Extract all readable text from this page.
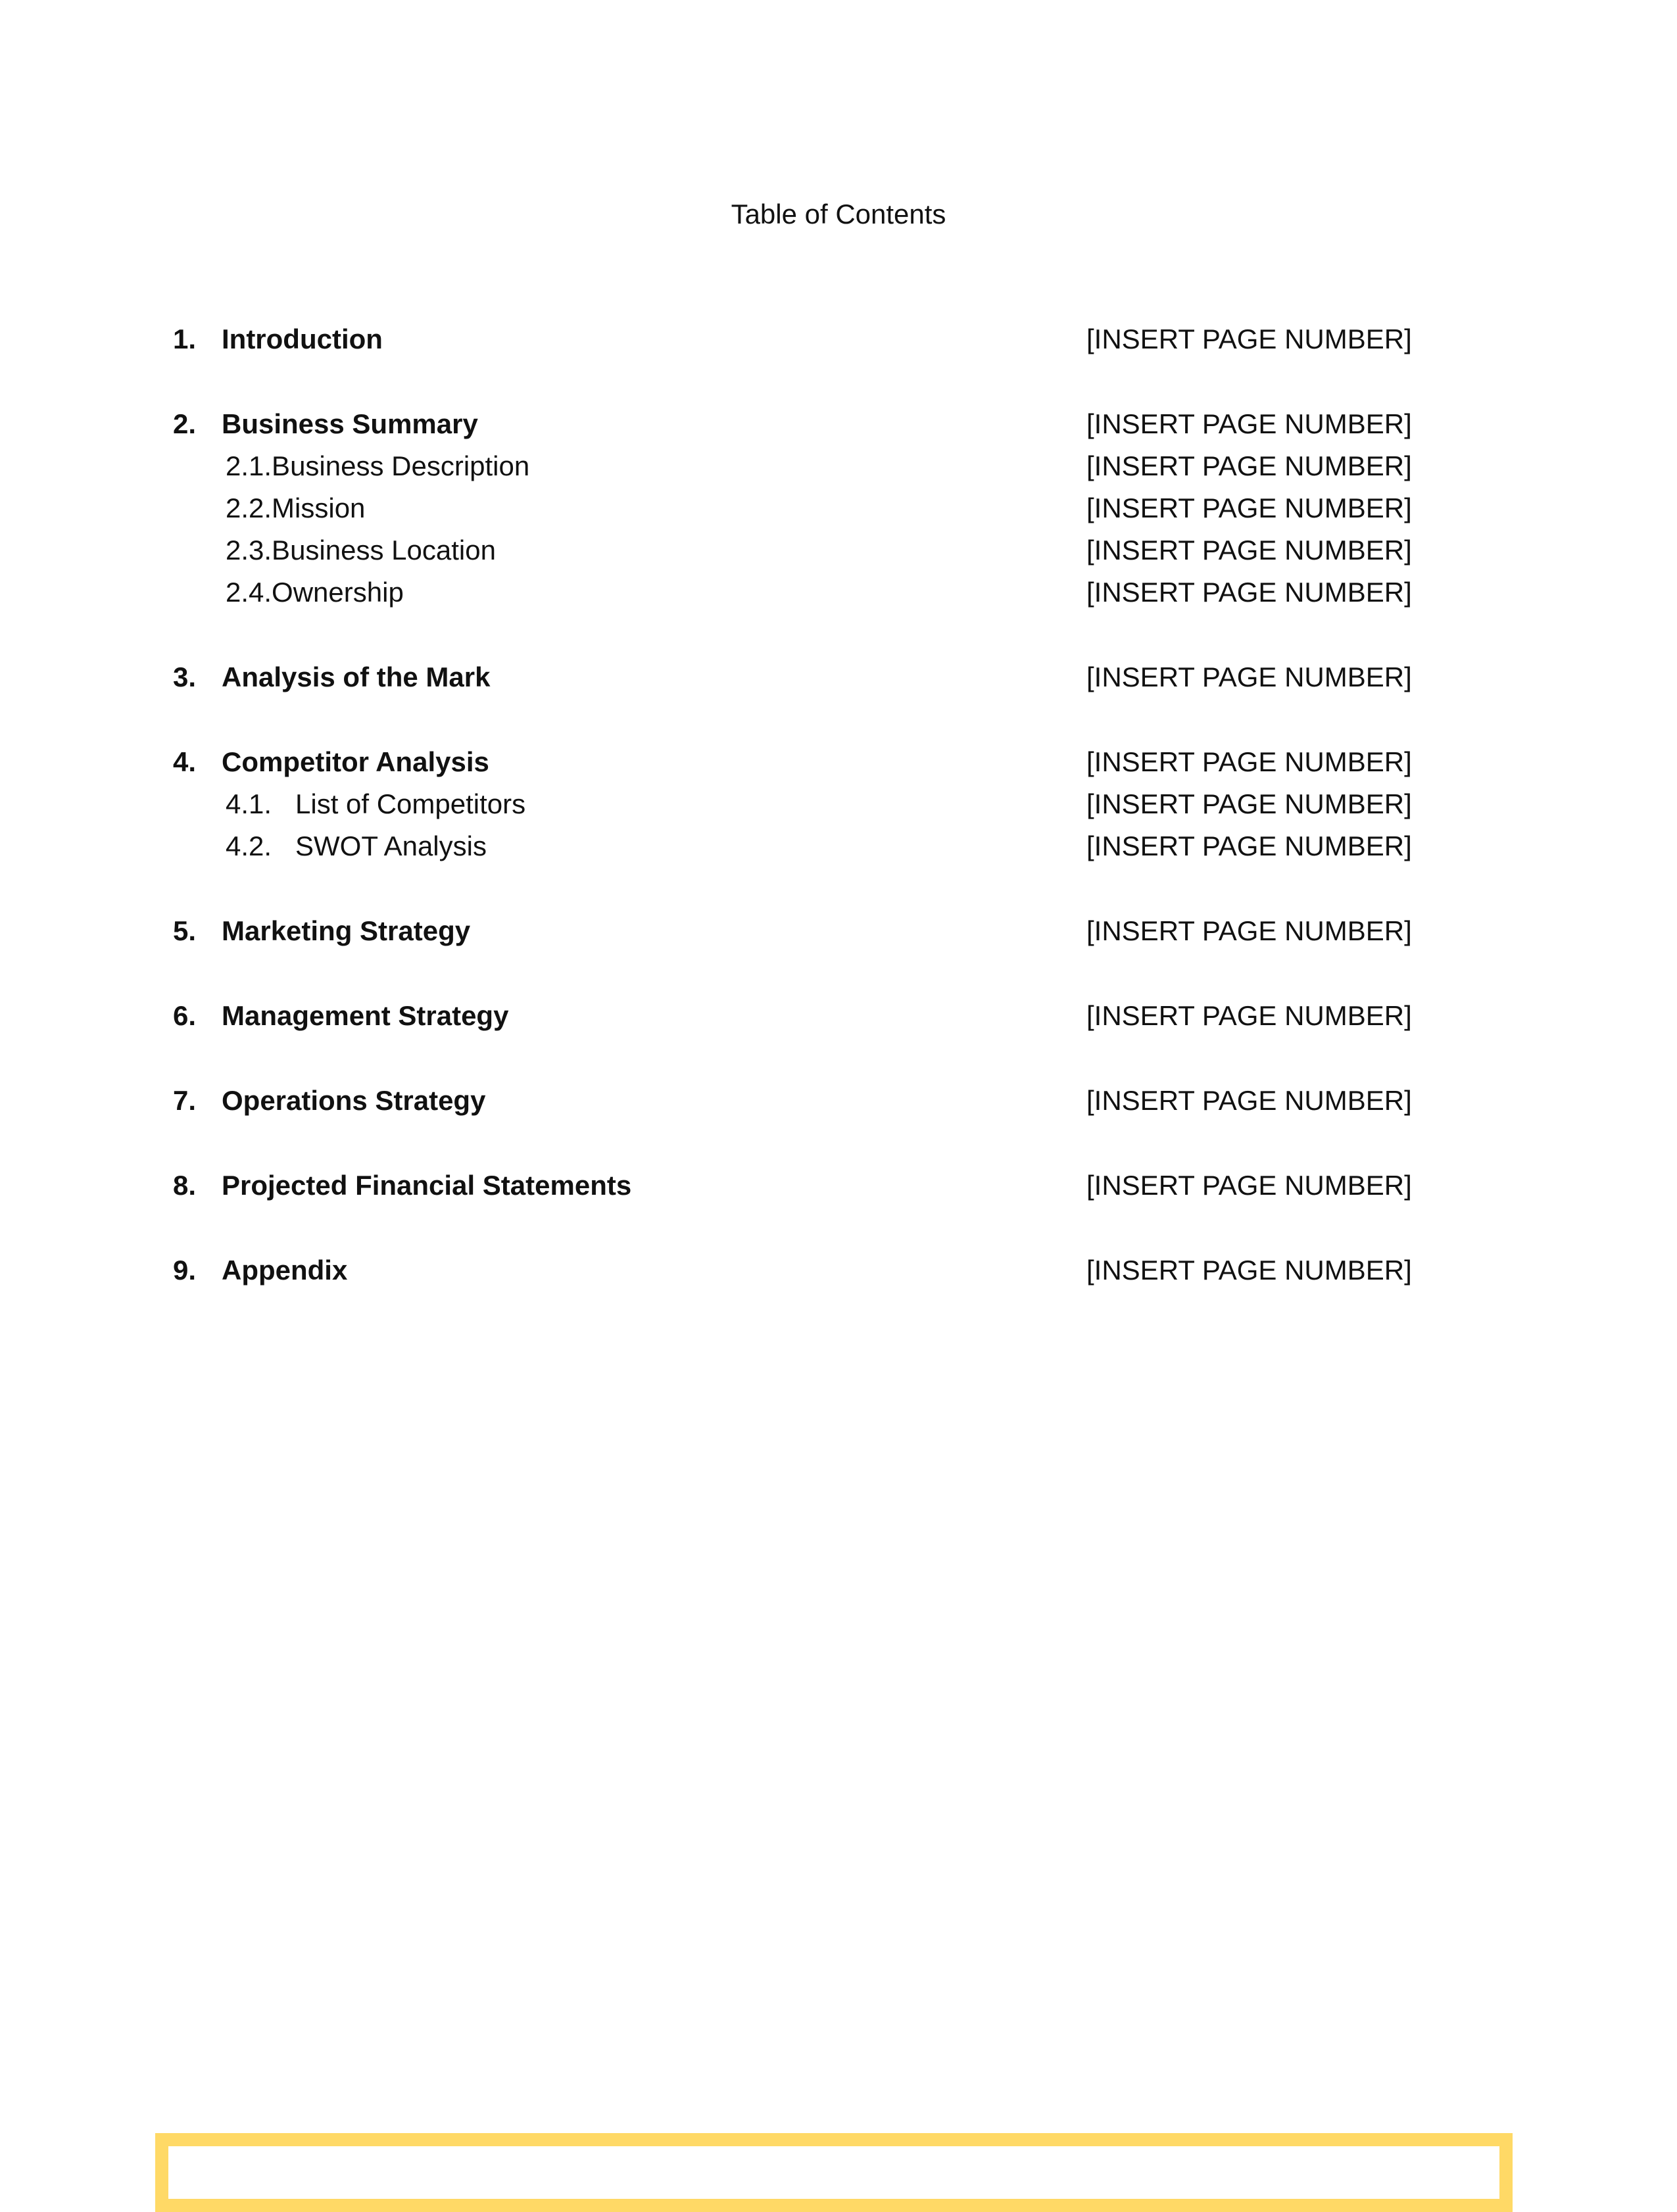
Table of Contents
1. Introduction	[INSERT PAGE NUMBER]
2. Business Summary	[INSERT PAGE NUMBER]
2.1.Business Description	[INSERT PAGE NUMBER]
2.2.Mission	[INSERT PAGE NUMBER]
2.3.Business Location	[INSERT PAGE NUMBER]
2.4.Ownership	[INSERT PAGE NUMBER]
3. Analysis of the Mark	[INSERT PAGE NUMBER]
4. Competitor Analysis	[INSERT PAGE NUMBER]
4.1. List of Competitors	[INSERT PAGE NUMBER]
4.2. SWOT Analysis	[INSERT PAGE NUMBER]
5. Marketing Strategy	[INSERT PAGE NUMBER]
6. Management Strategy	[INSERT PAGE NUMBER]
7. Operations Strategy	[INSERT PAGE NUMBER]
8. Projected Financial Statements	[INSERT PAGE NUMBER]
9. Appendix	[INSERT PAGE NUMBER]
